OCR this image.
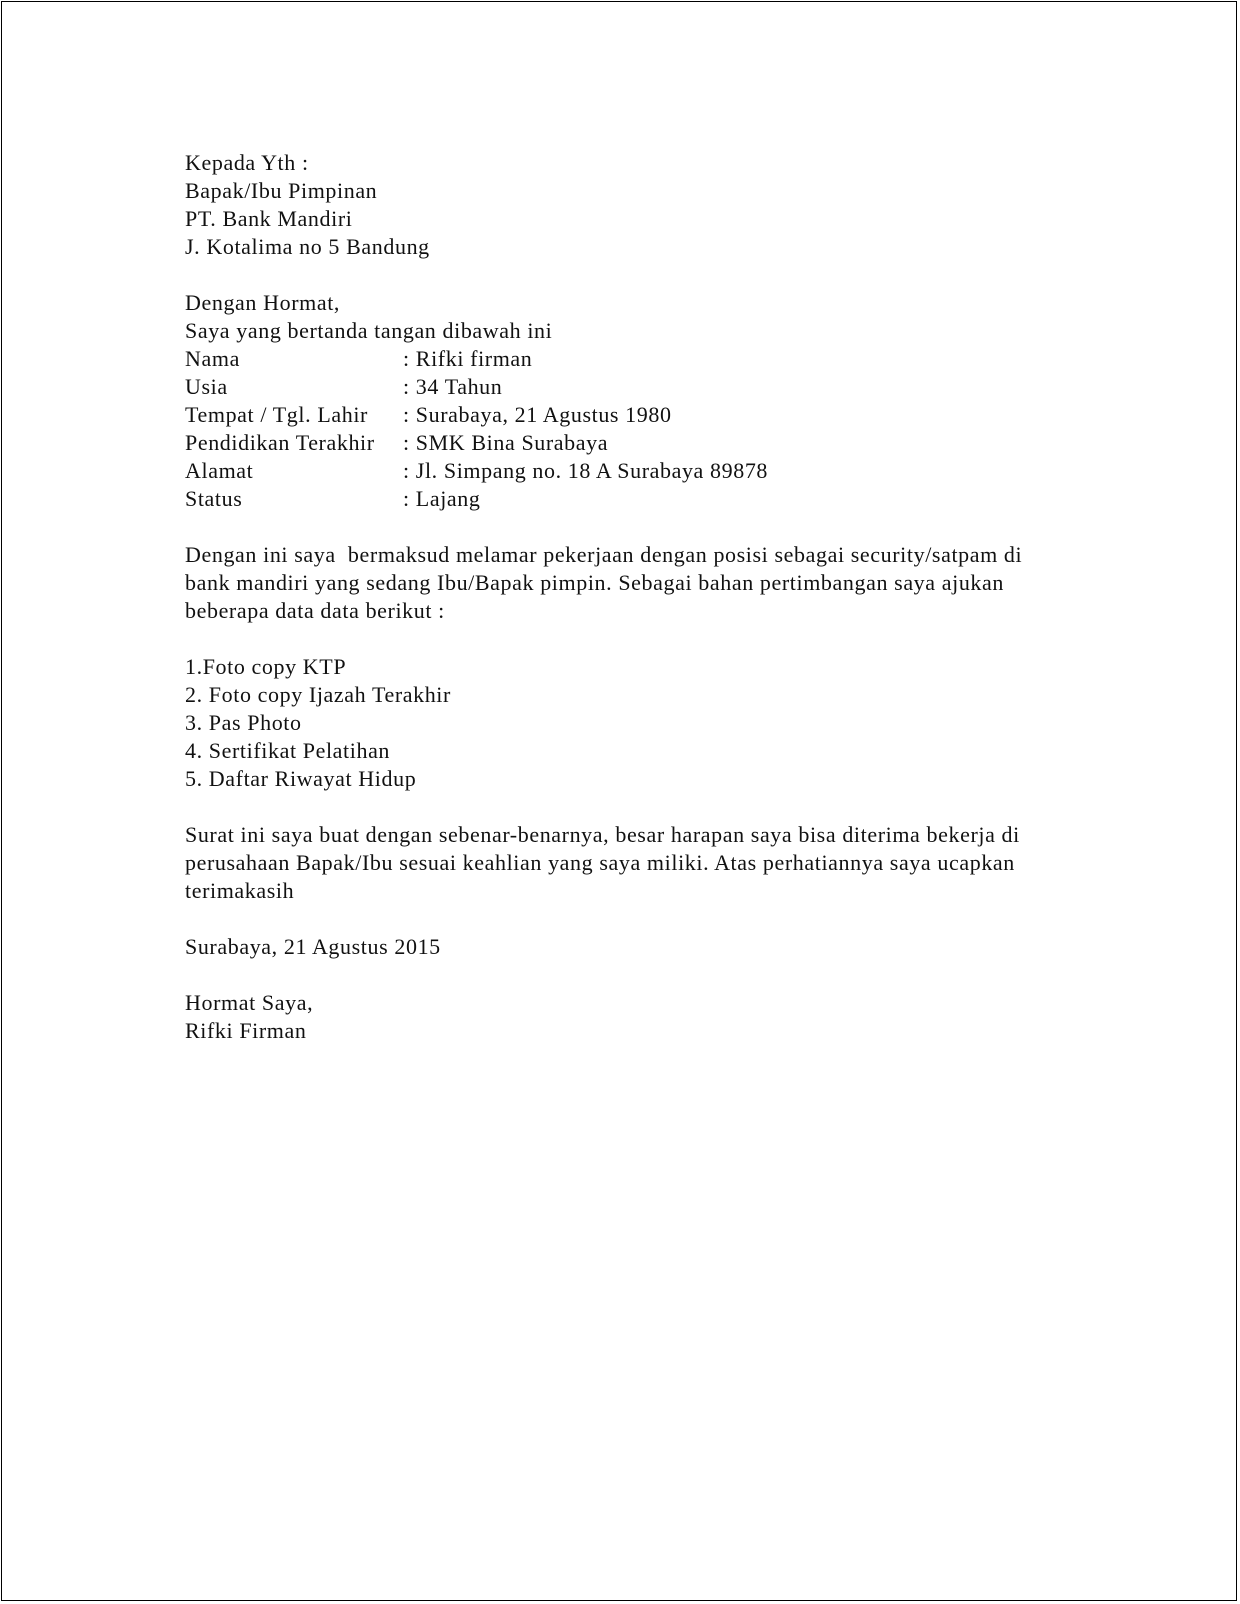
Kepada Yth :
Bapak/Ibu Pimpinan
PT. Bank Mandiri
J. Kotalima no 5 Bandung
Dengan Hormat,
Saya yang bertanda tangan dibawah ini
Nama	: Rifki firman
Usia	: 34 Tahun
Tempat / Tgl. Lahir	: Surabaya, 21 Agustus 1980
Pendidikan Terakhir	: SMK Bina Surabaya
Alamat	: Jl. Simpang no. 18 A Surabaya 89878
Status	: Lajang
Dengan ini saya  bermaksud melamar pekerjaan dengan posisi sebagai security/satpam di
bank mandiri yang sedang Ibu/Bapak pimpin. Sebagai bahan pertimbangan saya ajukan
beberapa data data berikut :
1.Foto copy KTP
2. Foto copy Ijazah Terakhir
3. Pas Photo
4. Sertifikat Pelatihan
5. Daftar Riwayat Hidup
Surat ini saya buat dengan sebenar-benarnya, besar harapan saya bisa diterima bekerja di
perusahaan Bapak/Ibu sesuai keahlian yang saya miliki. Atas perhatiannya saya ucapkan
terimakasih
Surabaya, 21 Agustus 2015
Hormat Saya,
Rifki Firman
